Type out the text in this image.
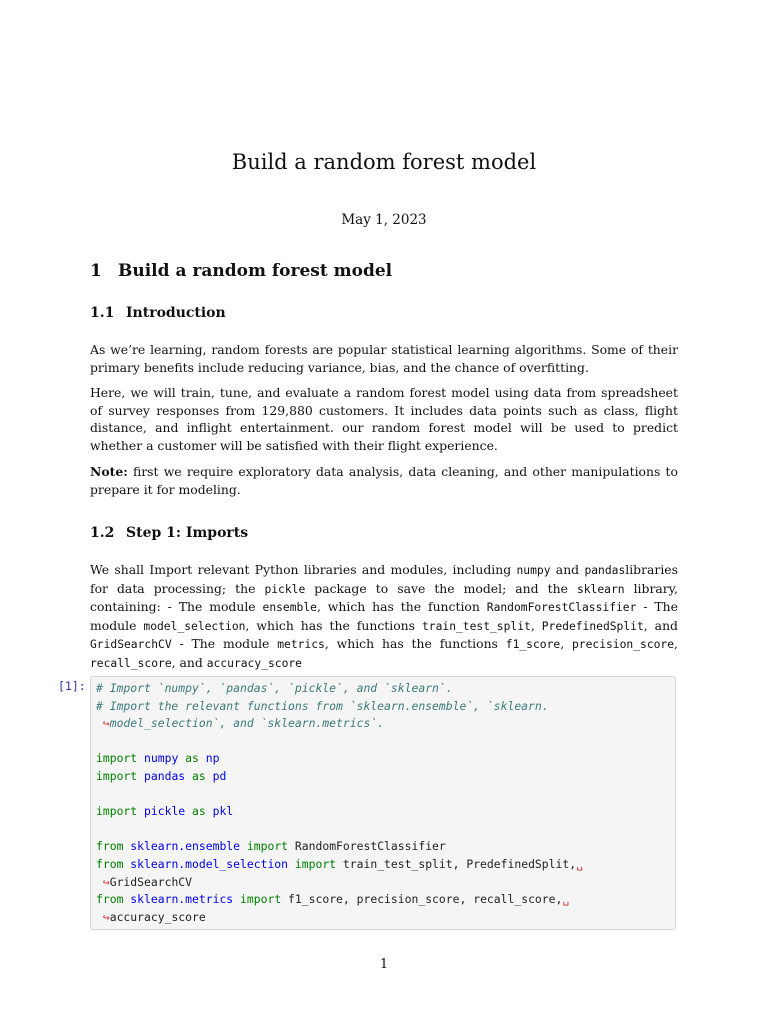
Build a random forest model
May 1, 2023
1 Build a random forest model
1.1 Introduction

As we’re learning, random forests are popular statistical learning algorithms. Some of their primary benefits include reducing variance, bias, and the chance of overfitting.

Here, we will train, tune, and evaluate a random forest model using data from spreadsheet of survey responses from 129,880 customers. It includes data points such as class, flight distance, and inflight entertainment. our random forest model will be used to predict whether a customer will be satisfied with their flight experience.

Note: first we require exploratory data analysis, data cleaning, and other manipulations to prepare it for modeling.

1.2 Step 1: Imports

We shall Import relevant Python libraries and modules, including numpy and pandaslibraries for data processing; the pickle package to save the model; and the sklearn library, containing: - The module ensemble, which has the function RandomForestClassifier - The module model_selection, which has the functions train_test_split, PredefinedSplit, and GridSearchCV - The module metrics, which has the functions f1_score, precision_score, recall_score, and accuracy_score

[1]: # Import `numpy`, `pandas`, `pickle`, and `sklearn`.
# Import the relevant functions from `sklearn.ensemble`, `sklearn.
↪model_selection`, and `sklearn.metrics`.
import numpy as np
import pandas as pd
import pickle as pkl
from sklearn.ensemble import RandomForestClassifier
from sklearn.model_selection import train_test_split, PredefinedSplit,␣
↪GridSearchCV
from sklearn.metrics import f1_score, precision_score, recall_score,␣
↪accuracy_score
1
